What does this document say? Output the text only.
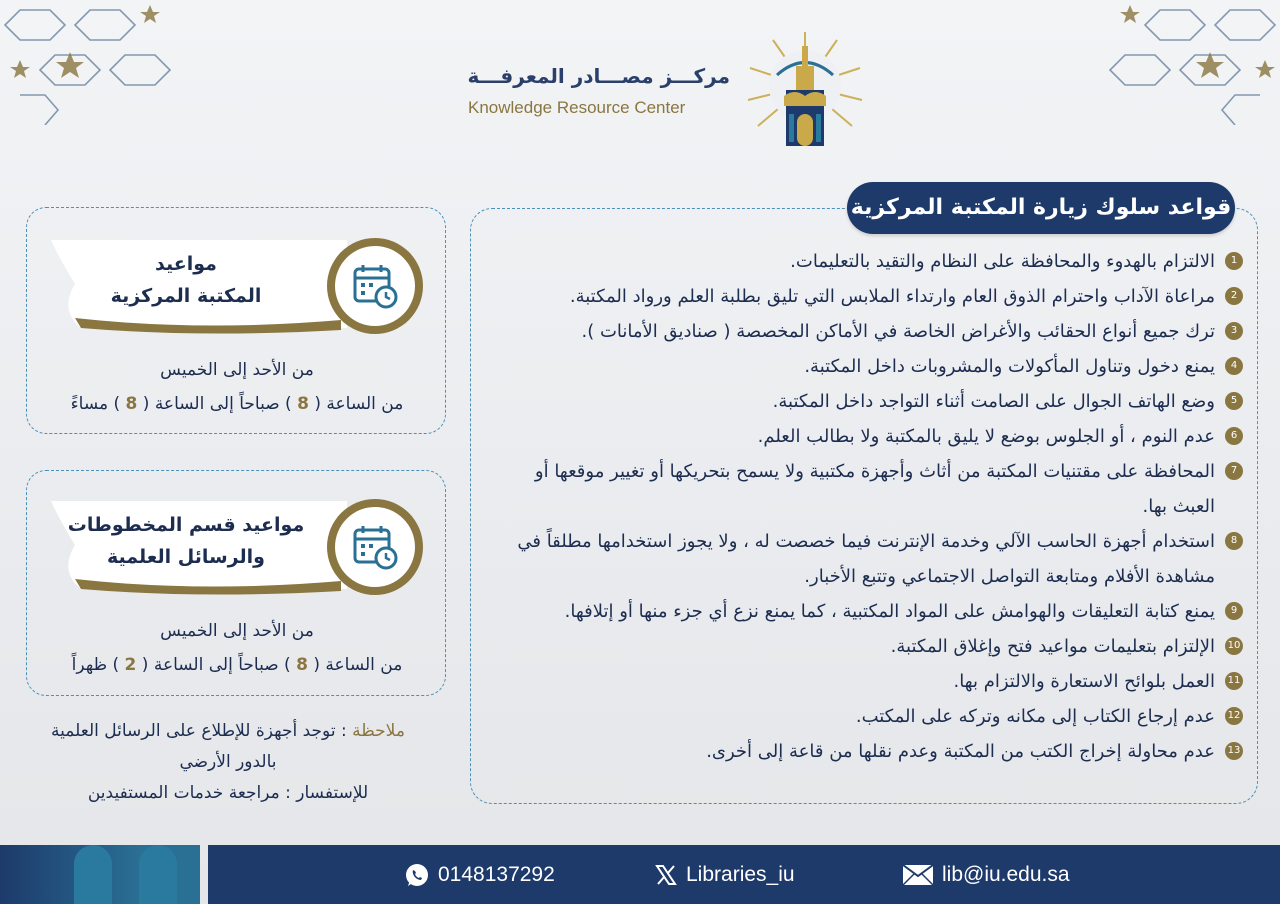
مركـــز مصـــادر المعرفـــة
Knowledge Resource Center
قواعد سلوك زيارة المكتبة المركزية
1
الالتزام بالهدوء والمحافظة على النظام والتقيد بالتعليمات.
2
مراعاة الآداب واحترام الذوق العام وارتداء الملابس التي تليق بطلبة العلم ورواد المكتبة.
3
ترك جميع أنواع الحقائب والأغراض الخاصة في الأماكن المخصصة ( صناديق الأمانات ).
4
يمنع دخول وتناول المأكولات والمشروبات داخل المكتبة.
5
وضع الهاتف الجوال على الصامت أثناء التواجد داخل المكتبة.
6
عدم النوم ، أو الجلوس بوضع لا يليق بالمكتبة ولا بطالب العلم.
7
المحافظة على مقتنيات المكتبة من أثاث وأجهزة مكتبية ولا يسمح بتحريكها أو تغيير موقعها أو العبث بها.
8
استخدام أجهزة الحاسب الآلي وخدمة الإنترنت فيما خصصت له ، ولا يجوز استخدامها مطلقاً في مشاهدة الأفلام ومتابعة التواصل الاجتماعي وتتبع الأخبار.
9
يمنع كتابة التعليقات والهوامش على المواد المكتبية ، كما يمنع نزع أي جزء منها أو إتلافها.
10
الإلتزام بتعليمات مواعيد فتح وإغلاق المكتبة.
11
العمل بلوائح الاستعارة والالتزام بها.
12
عدم إرجاع الكتاب إلى مكانه وتركه على المكتب.
13
عدم محاولة إخراج الكتب من المكتبة وعدم نقلها من قاعة إلى أخرى.
مواعيد
المكتبة المركزية
من الأحد إلى الخميس
من الساعة ( 8 ) صباحاً إلى الساعة ( 8 ) مساءً
مواعيد قسم المخطوطات
والرسائل العلمية
من الأحد إلى الخميس
من الساعة ( 8 ) صباحاً إلى الساعة ( 2 ) ظهراً
ملاحظة : توجد أجهزة للإطلاع على الرسائل العلمية بالدور الأرضي
للإستفسار : مراجعة خدمات المستفيدين
0148137292	Libraries_iu	lib@iu.edu.sa
